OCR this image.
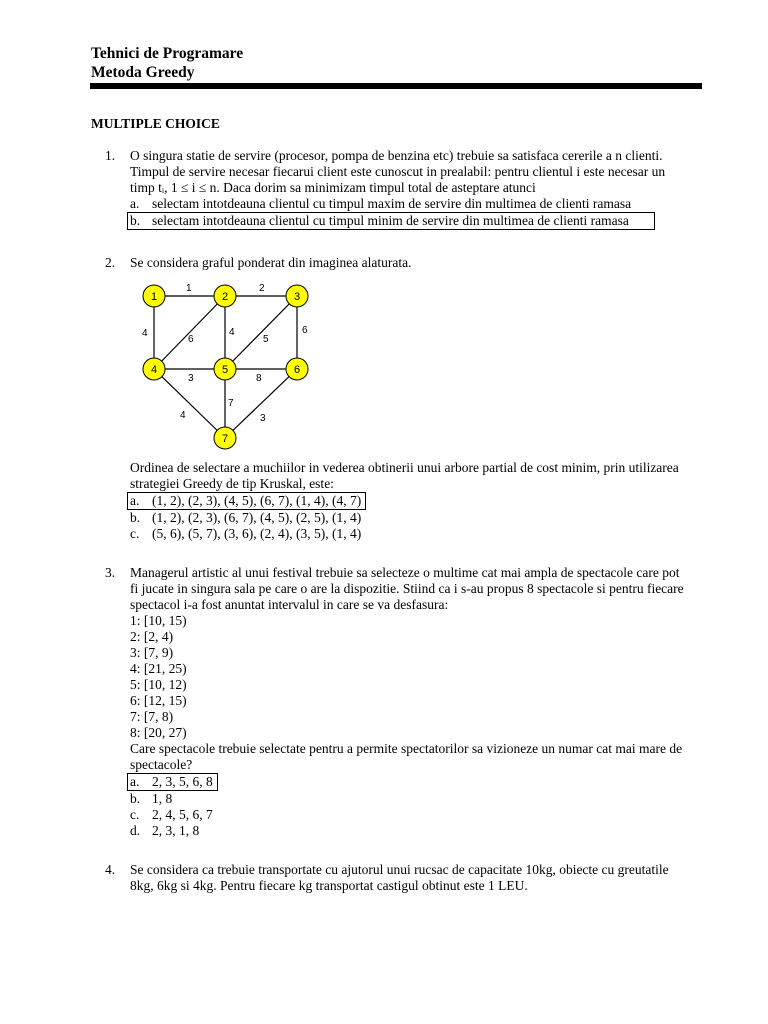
Tehnici de Programare
Metoda Greedy
MULTIPLE CHOICE
1. O singura statie de servire (procesor, pompa de benzina etc) trebuie sa satisfaca cererile a n clienti.
Timpul de servire necesar fiecarui client este cunoscut in prealabil: pentru clientul i este necesar un
timp tᵢ, 1 ≤ i ≤ n. Daca dorim sa minimizam timpul total de asteptare atunci
a. selectam intotdeauna clientul cu timpul maxim de servire din multimea de clienti ramasa
b. selectam intotdeauna clientul cu timpul minim de servire din multimea de clienti ramasa
2. Se considera graful ponderat din imaginea alaturata.
1	2
4
6
4
5
6
3	8
4
7
3
1	2	3
4	5	6
7
Ordinea de selectare a muchiilor in vederea obtinerii unui arbore partial de cost minim, prin utilizarea
strategiei Greedy de tip Kruskal, este:
a. (1, 2), (2, 3), (4, 5), (6, 7), (1, 4), (4, 7)
b. (1, 2), (2, 3), (6, 7), (4, 5), (2, 5), (1, 4)
c. (5, 6), (5, 7), (3, 6), (2, 4), (3, 5), (1, 4)
3. Managerul artistic al unui festival trebuie sa selecteze o multime cat mai ampla de spectacole care pot
fi jucate in singura sala pe care o are la dispozitie. Stiind ca i s-au propus 8 spectacole si pentru fiecare
spectacol i-a fost anuntat intervalul in care se va desfasura:
1: [10, 15)
2: [2, 4)
3: [7, 9)
4: [21, 25)
5: [10, 12)
6: [12, 15)
7: [7, 8)
8: [20, 27)
Care spectacole trebuie selectate pentru a permite spectatorilor sa vizioneze un numar cat mai mare de
spectacole?
a. 2, 3, 5, 6, 8
b. 1, 8
c. 2, 4, 5, 6, 7
d. 2, 3, 1, 8
4. Se considera ca trebuie transportate cu ajutorul unui rucsac de capacitate 10kg, obiecte cu greutatile
8kg, 6kg si 4kg. Pentru fiecare kg transportat castigul obtinut este 1 LEU.
